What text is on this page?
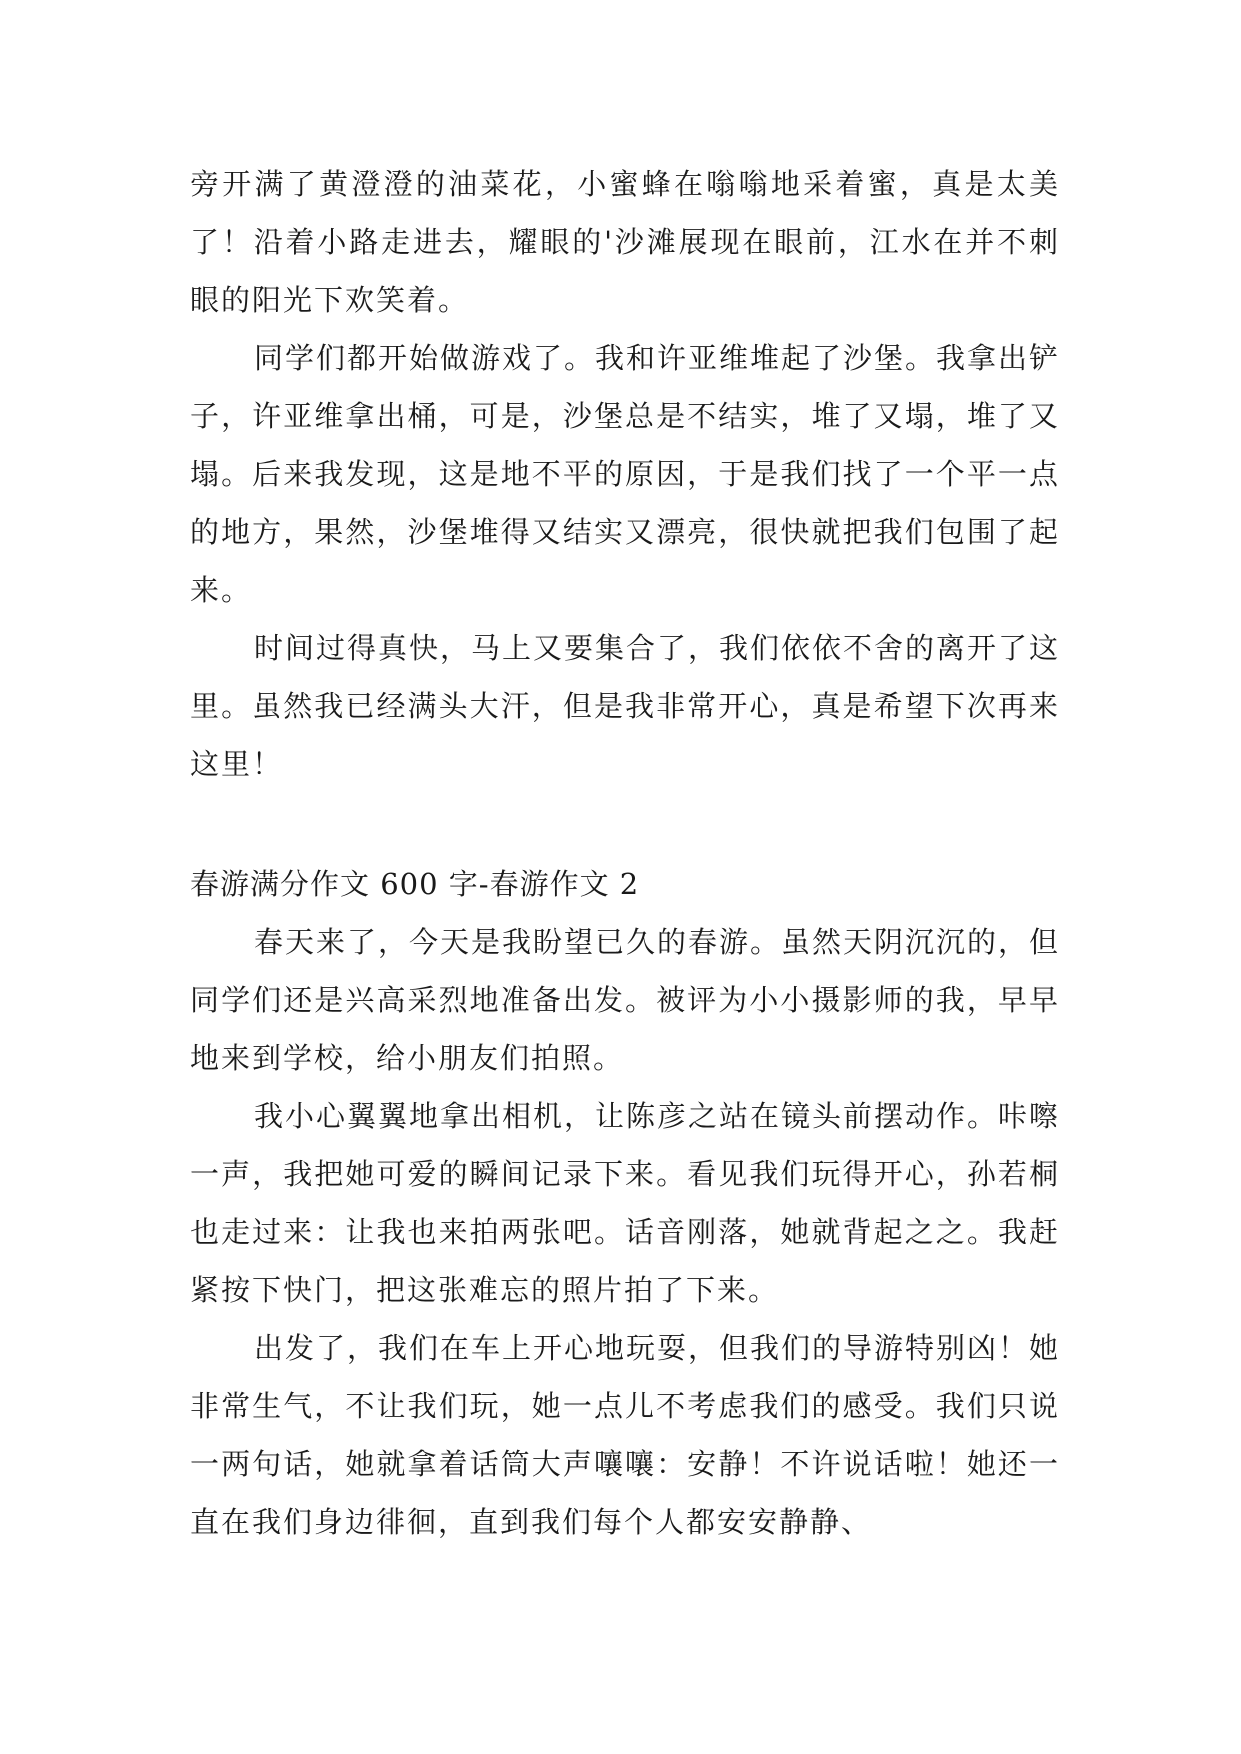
旁开满了黄澄澄的油菜花，小蜜蜂在嗡嗡地采着蜜，真是太美了！沿着小路走进去，耀眼的'沙滩展现在眼前，江水在并不刺眼的阳光下欢笑着。

同学们都开始做游戏了。我和许亚维堆起了沙堡。我拿出铲子，许亚维拿出桶，可是，沙堡总是不结实，堆了又塌，堆了又塌。后来我发现，这是地不平的原因，于是我们找了一个平一点的地方，果然，沙堡堆得又结实又漂亮，很快就把我们包围了起来。

时间过得真快，马上又要集合了，我们依依不舍的离开了这里。虽然我已经满头大汗，但是我非常开心，真是希望下次再来这里！

春游满分作文 600 字-春游作文 2

春天来了，今天是我盼望已久的春游。虽然天阴沉沉的，但同学们还是兴高采烈地准备出发。被评为小小摄影师的我，早早地来到学校，给小朋友们拍照。

我小心翼翼地拿出相机，让陈彦之站在镜头前摆动作。咔嚓一声，我把她可爱的瞬间记录下来。看见我们玩得开心，孙若桐也走过来：让我也来拍两张吧。话音刚落，她就背起之之。我赶紧按下快门，把这张难忘的照片拍了下来。

出发了，我们在车上开心地玩耍，但我们的导游特别凶！她非常生气，不让我们玩，她一点儿不考虑我们的感受。我们只说一两句话，她就拿着话筒大声嚷嚷：安静！不许说话啦！她还一直在我们身边徘徊，直到我们每个人都安安静静、
